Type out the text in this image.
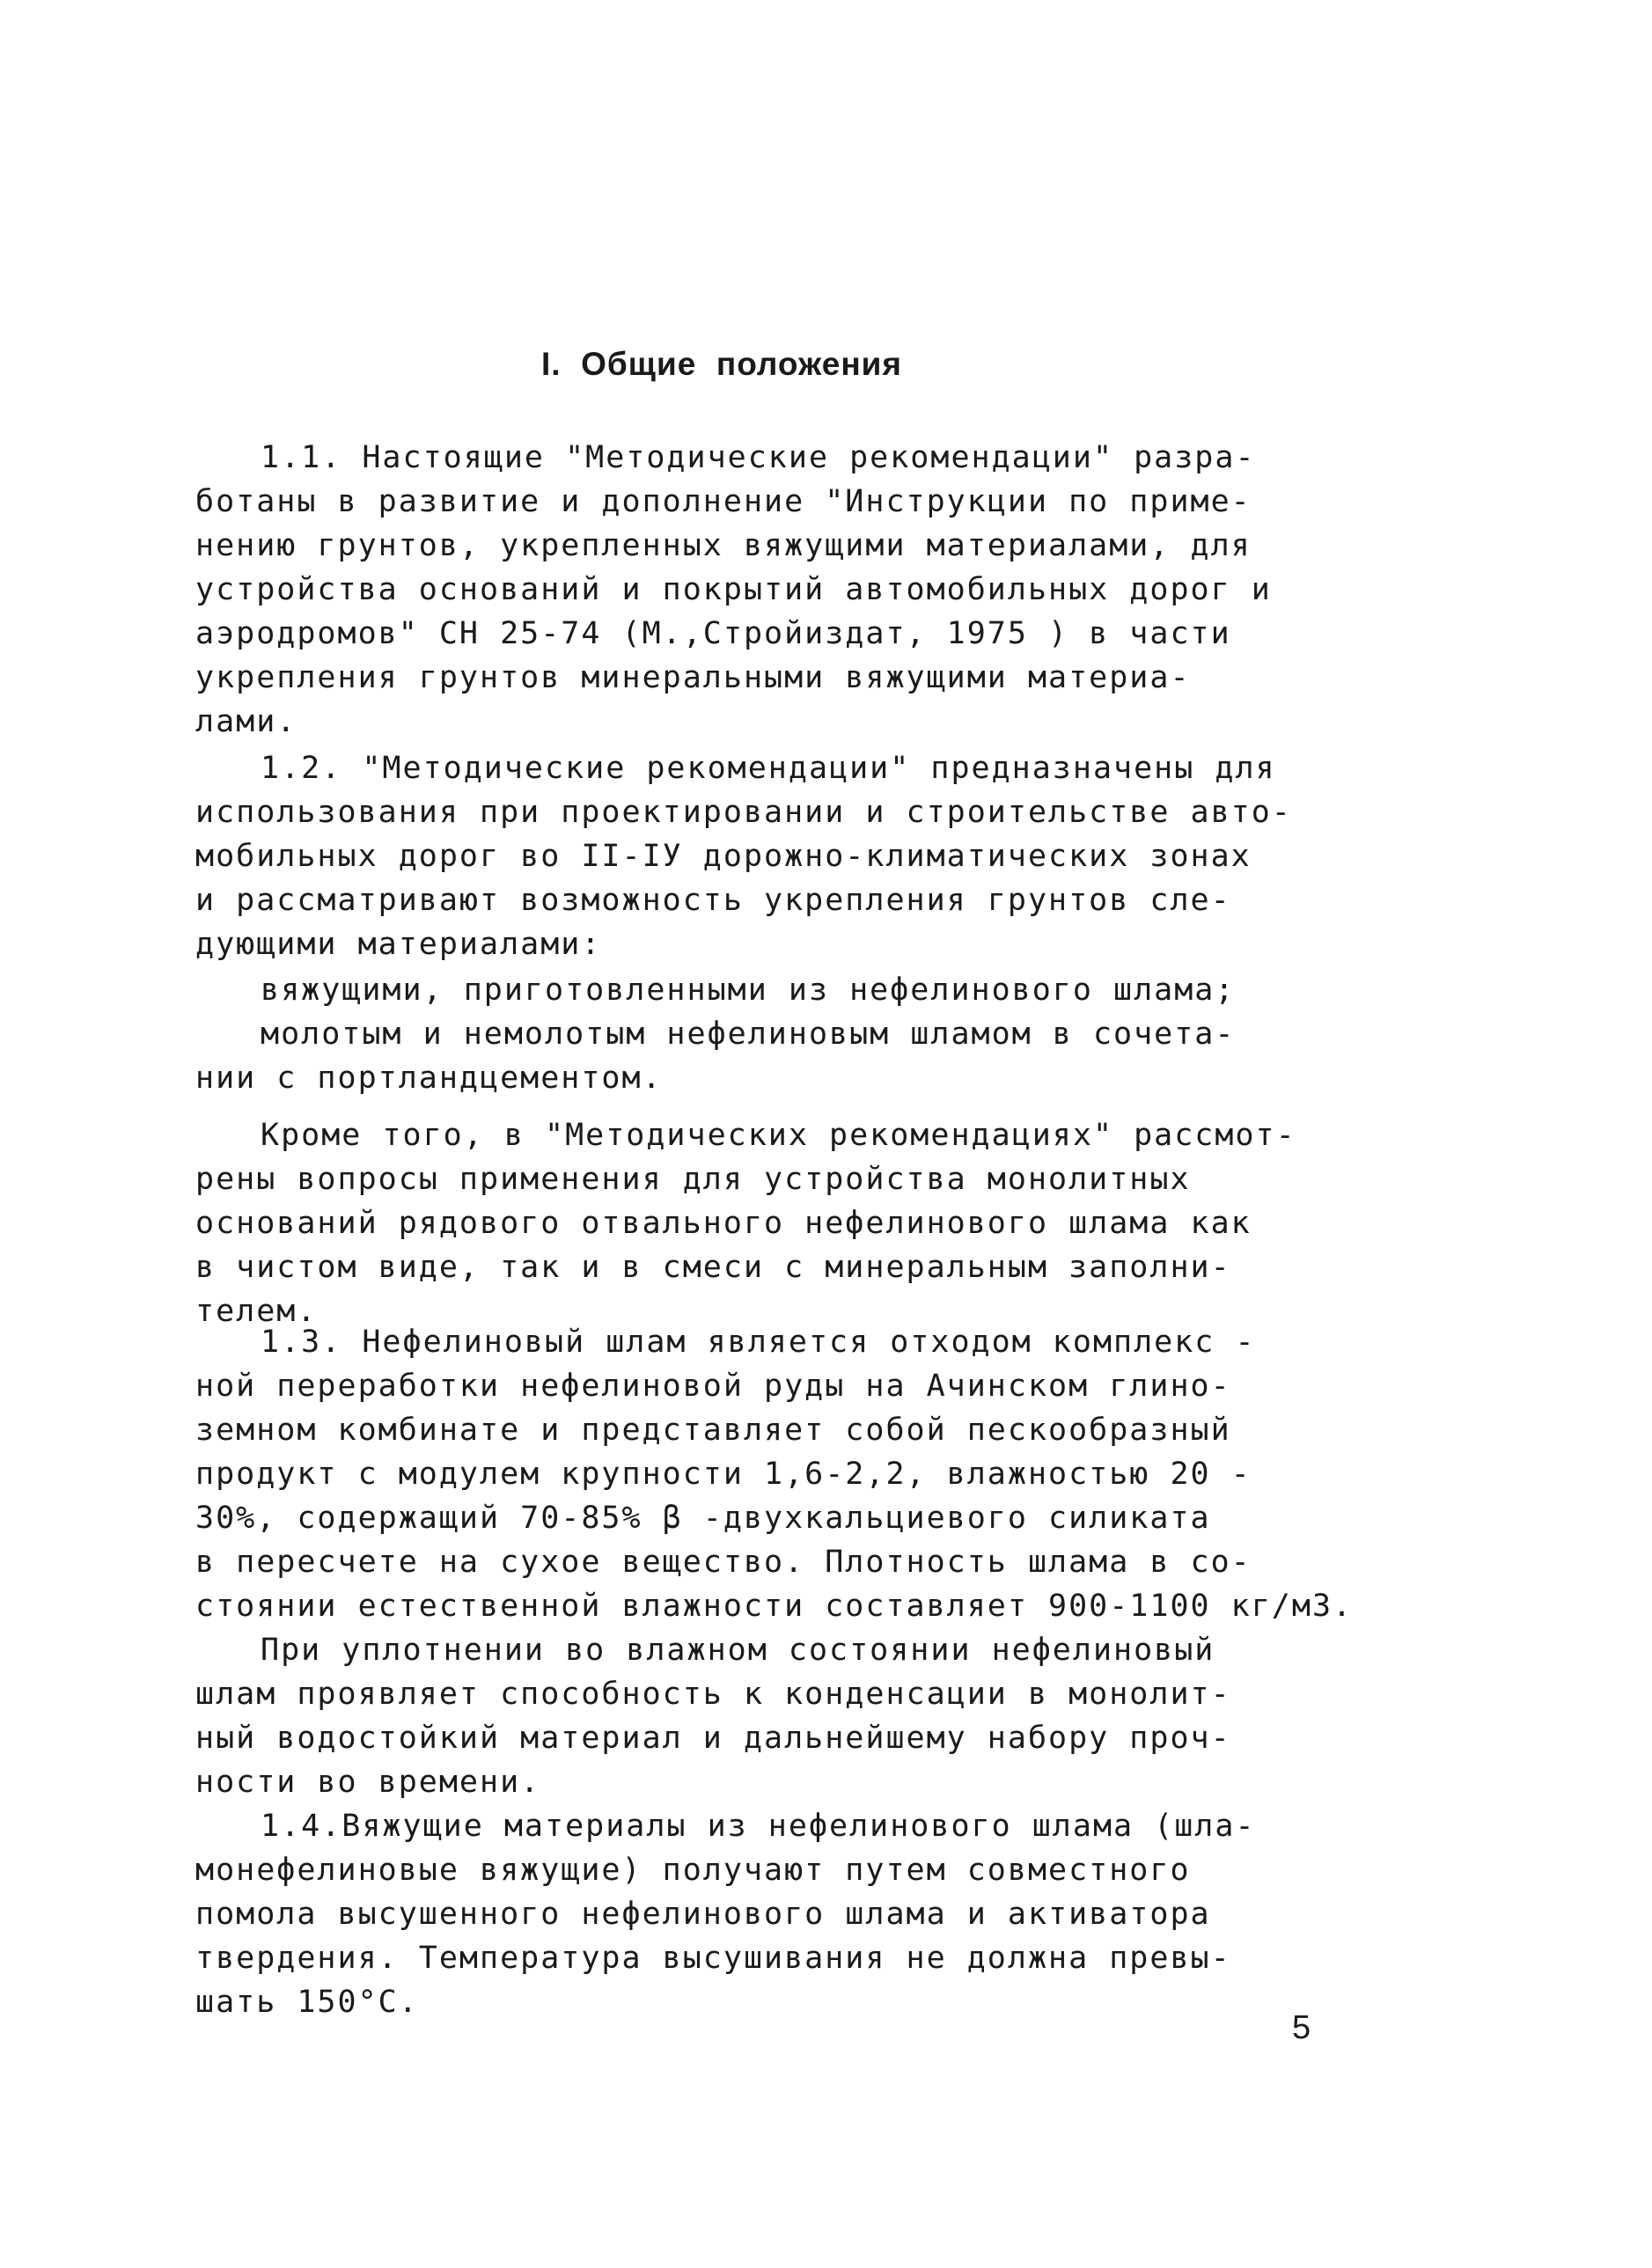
I.  Общие  положения
1.1. Настоящие "Методические рекомендации" разра-
ботаны в развитие и дополнение "Инструкции по приме-
нению грунтов, укрепленных вяжущими материалами, для
устройства оснований и покрытий автомобильных дорог и
аэродромов" СН 25-74 (М.,Стройиздат, 1975 ) в части
укрепления грунтов минеральными вяжущими материа-
лами.
1.2. "Методические рекомендации" предназначены для
использования при проектировании и строительстве авто-
мобильных дорог во II-IУ дорожно-климатических зонах
и рассматривают возможность укрепления грунтов сле-
дующими материалами:
вяжущими, приготовленными из нефелинового шлама;
молотым и немолотым нефелиновым шламом в сочета-
нии с портландцементом.
Кроме того, в "Методических рекомендациях" рассмот-
рены вопросы применения для устройства монолитных
оснований рядового отвального нефелинового шлама как
в чистом виде, так и в смеси с минеральным заполни-
телем.
1.3. Нефелиновый шлам является отходом комплекс -
ной переработки нефелиновой руды на Ачинском глино-
земном комбинате и представляет собой пескообразный
продукт с модулем крупности 1,6-2,2, влажностью 20 -
30%, содержащий 70-85% β -двухкальциевого силиката
в пересчете на сухое вещество. Плотность шлама в со-
стоянии естественной влажности составляет 900-1100 кг/м3.
При уплотнении во влажном состоянии нефелиновый
шлам проявляет способность к конденсации в монолит-
ный водостойкий материал и дальнейшему набору проч-
ности во времени.
1.4.Вяжущие материалы из нефелинового шлама (шла-
монефелиновые вяжущие) получают путем совместного
помола высушенного нефелинового шлама и активатора
твердения. Температура высушивания не должна превы-
шать 150°С.
5
